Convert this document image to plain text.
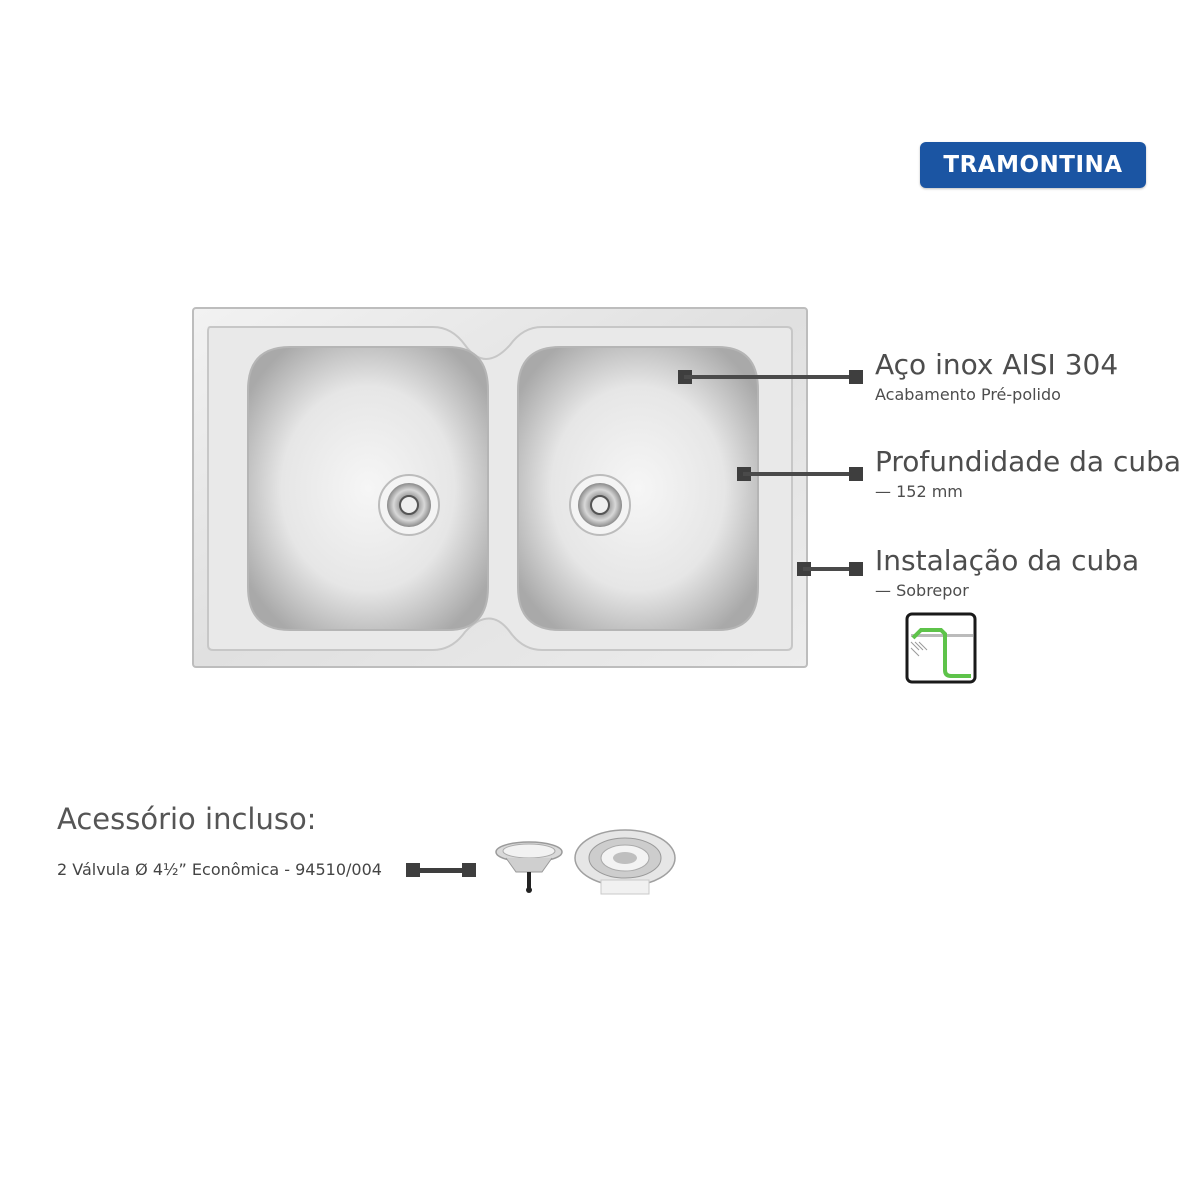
TRAMONTINA
Aço inox AISI 304
Acabamento Pré-polido
Profundidade da cuba
— 152 mm
Instalação da cuba
— Sobrepor
Acessório incluso:
2 Válvula Ø 4½” Econômica - 94510/004
